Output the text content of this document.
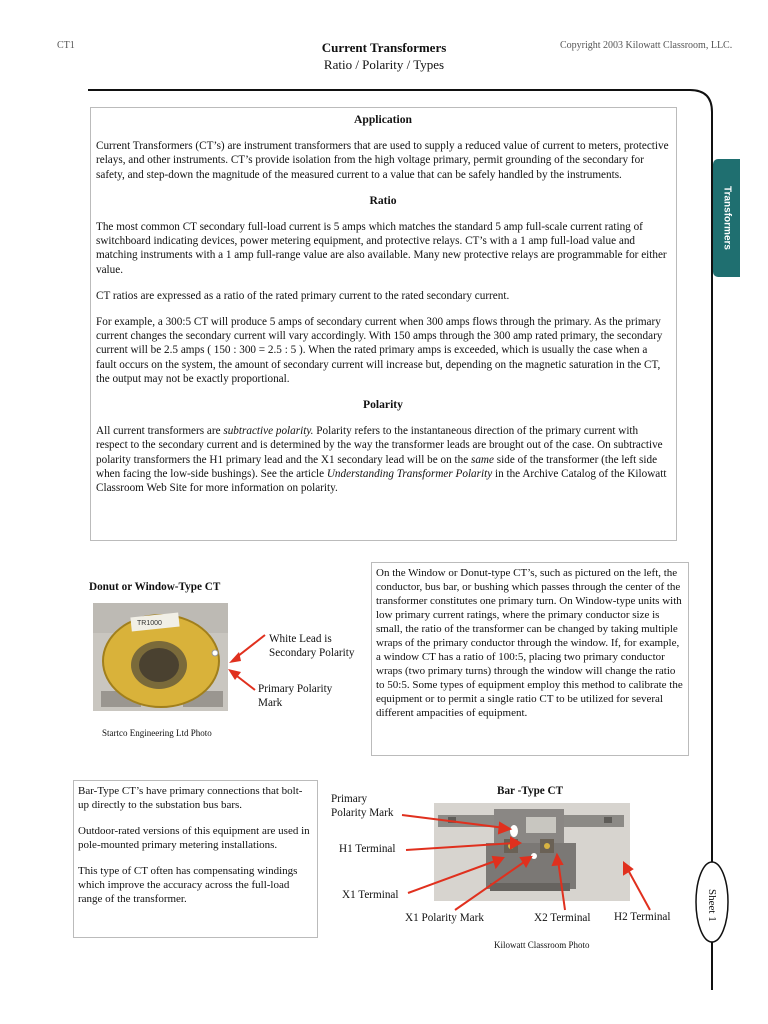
CT1	Current Transformers
Ratio / Polarity / Types
Copyright 2003 Kilowatt Classroom, LLC.
Transformers
Sheet 1
Application

Current Transformers (CT’s) are instrument transformers that are used to supply a reduced value of current to meters, protective relays, and other instruments. CT’s provide isolation from the high voltage primary, permit grounding of the secondary for safety, and step-down the magnitude of the measured current to a value that can be safely handled by the instruments.

Ratio

The most common CT secondary full-load current is 5 amps which matches the standard 5 amp full-scale current rating of switchboard indicating devices, power metering equipment, and protective relays. CT’s with a 1 amp full-load value and matching instruments with a 1 amp full-range value are also available. Many new protective relays are programmable for either value.

CT ratios are expressed as a ratio of the rated primary current to the rated secondary current.

For example, a 300:5 CT will produce 5 amps of secondary current when 300 amps flows through the primary. As the primary current changes the secondary current will vary accordingly. With 150 amps through the 300 amp rated primary, the secondary current will be 2.5 amps ( 150 : 300 = 2.5 : 5 ). When the rated primary amps is exceeded, which is usually the case when a fault occurs on the system, the amount of secondary current will increase but, depending on the magnetic saturation in the CT, the output may not be exactly proportional.

Polarity

All current transformers are subtractive polarity. Polarity refers to the instantaneous direction of the primary current with respect to the secondary current and is determined by the way the transformer leads are brought out of the case. On subtractive polarity transformers the H1 primary lead and the X1 secondary lead will be on the same side of the transformer (the left side when facing the low-side bushings). See the article Understanding Transformer Polarity in the Archive Catalog of the Kilowatt Classroom Web Site for more information on polarity.

Donut or Window-Type CT
TR1000
White Lead is
Secondary Polarity
Primary Polarity
Mark
Startco Engineering Ltd Photo
On the Window or Donut-type CT’s, such as pictured on the left, the conductor, bus bar, or bushing which passes through the center of the transformer constitutes one primary turn. On Window-type units with low primary current ratings, where the primary conductor size is small, the ratio of the transformer can be changed by taking multiple wraps of the primary conductor through the window. If, for example, a window CT has a ratio of 100:5, placing two primary conductor wraps (two primary turns) through the window will change the ratio to 50:5. Some types of equipment employ this method to calibrate the equipment or to permit a single ratio CT to be utilized for several different ampacities of equipment.

Bar-Type CT’s have primary connections that bolt-up directly to the substation bus bars.

Outdoor-rated versions of this equipment are used in pole-mounted primary metering installations.

This type of CT often has compensating windings which improve the accuracy across the full-load range of the transformer.

Bar -Type CT
Primary
Polarity Mark
H1 Terminal
X1 Terminal
X1 Polarity Mark	X2 Terminal H2 Terminal
Kilowatt Classroom Photo
